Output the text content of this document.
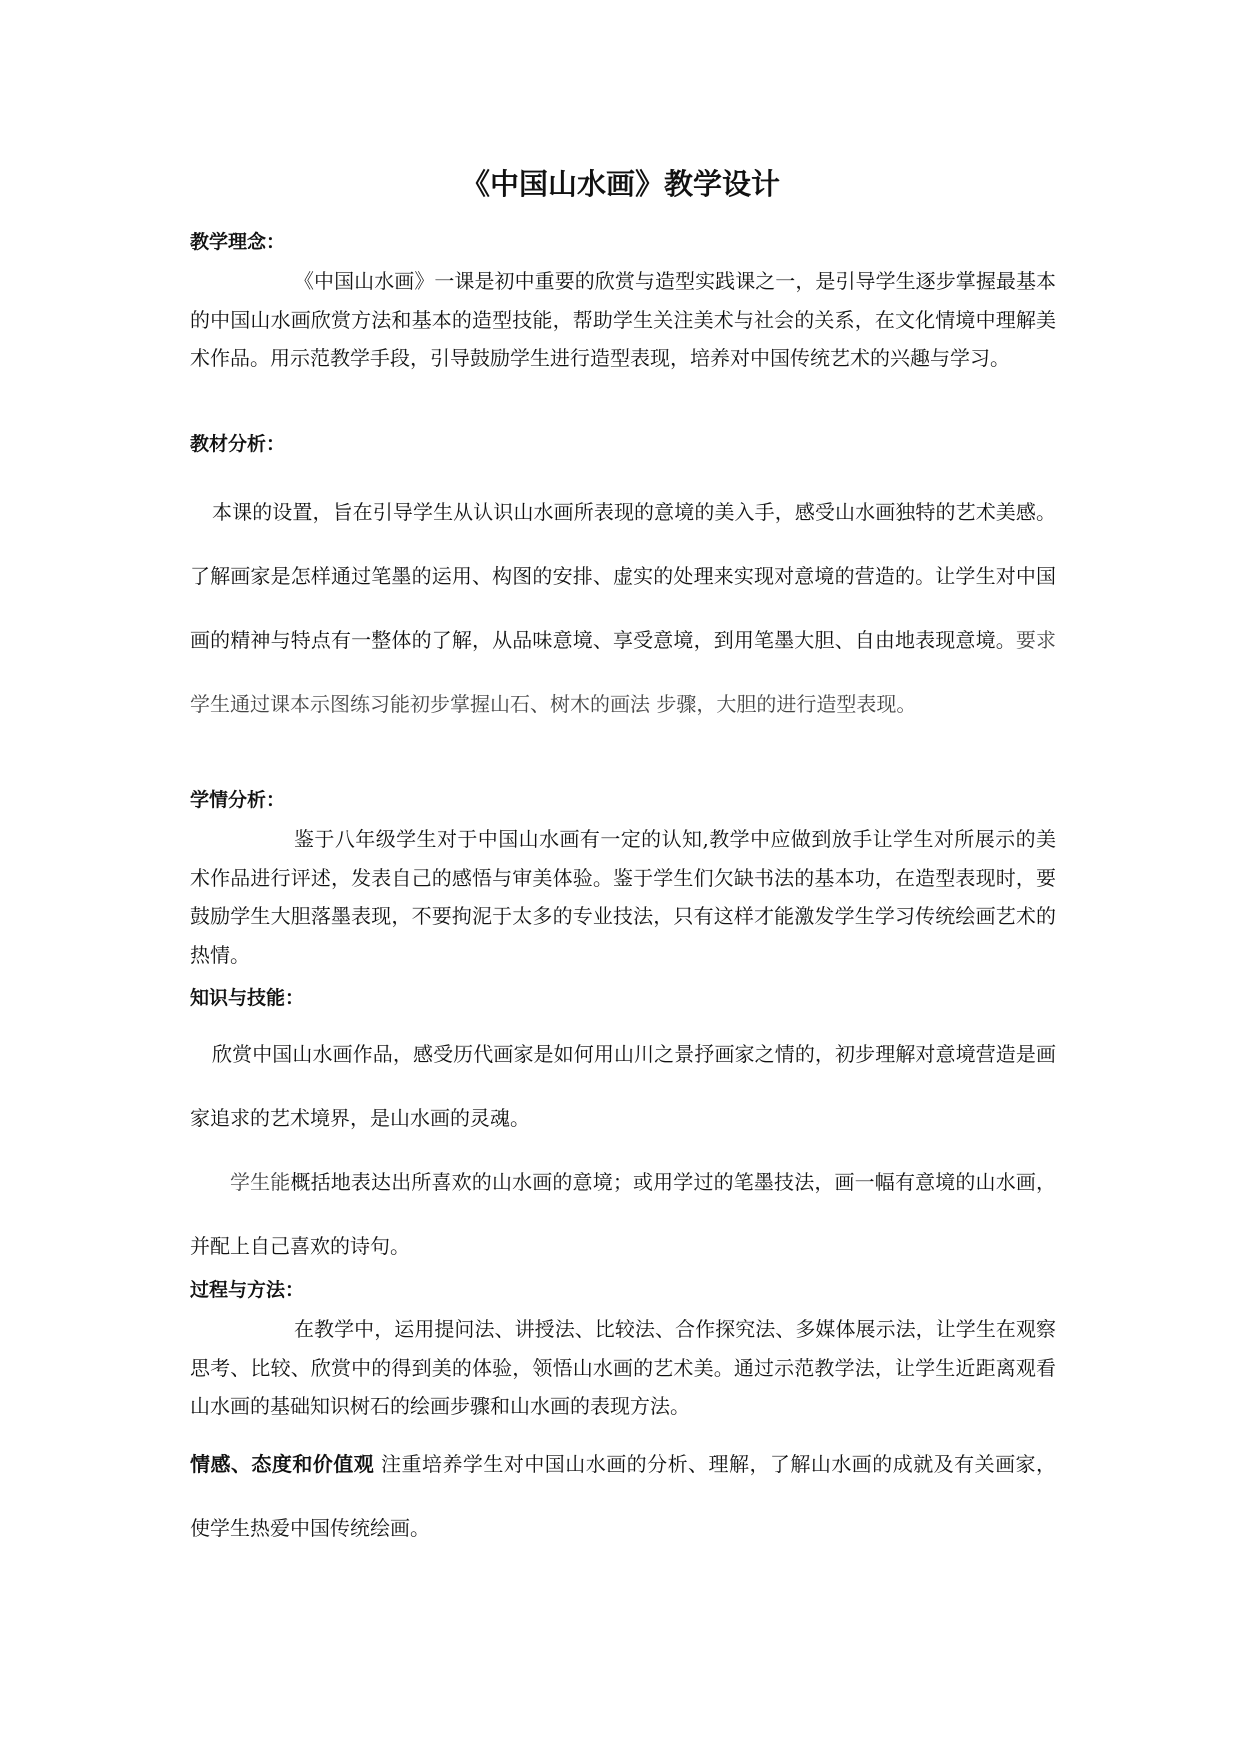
《中国山水画》教学设计
教学理念：
《中国山水画》一课是初中重要的欣赏与造型实践课之一，是引导学生逐步掌握最基本的中国山水画欣赏方法和基本的造型技能，帮助学生关注美术与社会的关系，在文化情境中理解美术作品。用示范教学手段，引导鼓励学生进行造型表现，培养对中国传统艺术的兴趣与学习。
教材分析：
本课的设置，旨在引导学生从认识山水画所表现的意境的美入手，感受山水画独特的艺术美感。了解画家是怎样通过笔墨的运用、构图的安排、虚实的处理来实现对意境的营造的。让学生对中国画的精神与特点有一整体的了解，从品味意境、享受意境，到用笔墨大胆、自由地表现意境。要求学生通过课本示图练习能初步掌握山石、树木的画法 步骤，大胆的进行造型表现。
学情分析：
鉴于八年级学生对于中国山水画有一定的认知,教学中应做到放手让学生对所展示的美术作品进行评述，发表自己的感悟与审美体验。鉴于学生们欠缺书法的基本功，在造型表现时，要鼓励学生大胆落墨表现，不要拘泥于太多的专业技法，只有这样才能激发学生学习传统绘画艺术的热情。
知识与技能：
欣赏中国山水画作品，感受历代画家是如何用山川之景抒画家之情的，初步理解对意境营造是画家追求的艺术境界，是山水画的灵魂。
学生能概括地表达出所喜欢的山水画的意境；或用学过的笔墨技法，画一幅有意境的山水画，并配上自己喜欢的诗句。
过程与方法：
在教学中，运用提问法、讲授法、比较法、合作探究法、多媒体展示法，让学生在观察思考、比较、欣赏中的得到美的体验，领悟山水画的艺术美。通过示范教学法，让学生近距离观看山水画的基础知识树石的绘画步骤和山水画的表现方法。
情感、态度和价值观 注重培养学生对中国山水画的分析、理解，了解山水画的成就及有关画家，使学生热爱中国传统绘画。
